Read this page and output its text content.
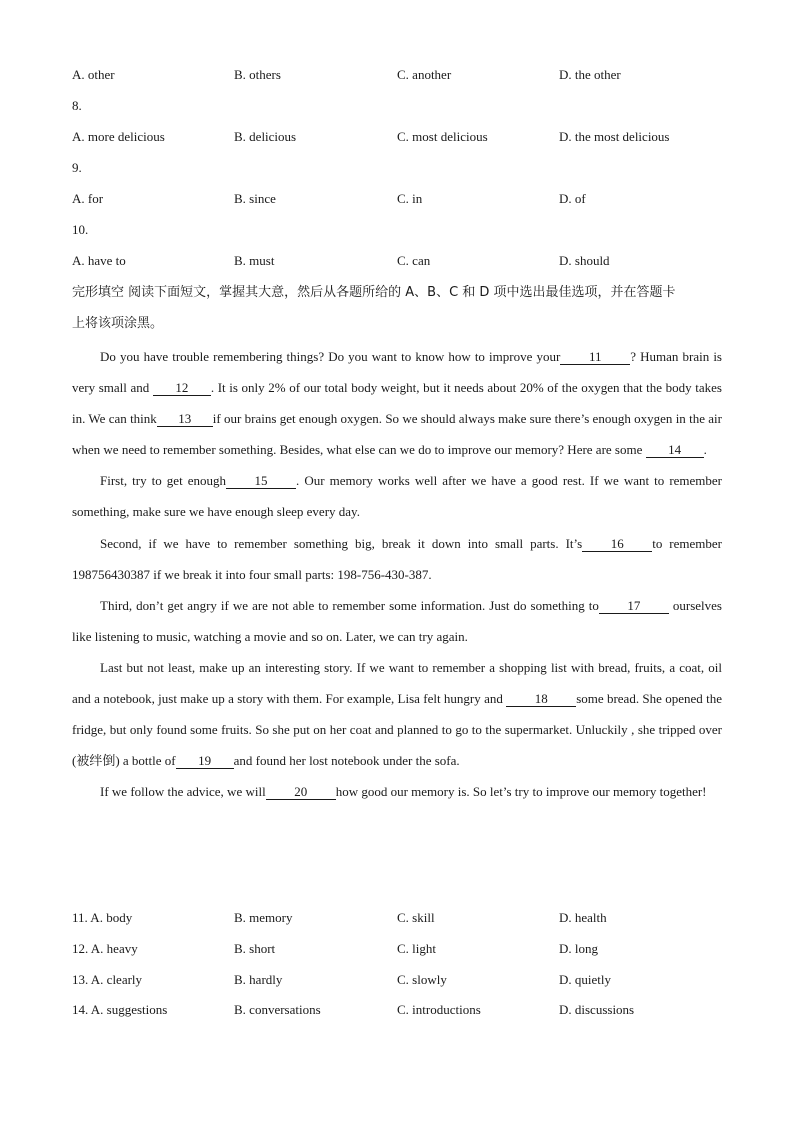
A. other	B. others	C. another	D. the other
8.
A. more delicious	B. delicious	C. most delicious	D. the most delicious
9.
A. for	B. since	C. in	D. of
10.
A. have to	B. must	C. can	D. should
完形填空 阅读下面短文，掌握其大意，然后从各题所给的 A、B、C 和 D 项中选出最佳选项，并在答题卡
上将该项涂黑。

Do you have trouble remembering things? Do you want to know how to improve your 11 ? Human brain is very small and 12 . It is only 2% of our total body weight, but it needs about 20% of the oxygen that the body takes in. We can think 13 if our brains get enough oxygen. So we should always make sure there’s enough oxygen in the air when we need to remember something. Besides, what else can we do to improve our memory? Here are some 14 .

First, try to get enough 15 . Our memory works well after we have a good rest. If we want to remember something, make sure we have enough sleep every day.

Second, if we have to remember something big, break it down into small parts. It’s 16 to remember 198756430387 if we break it into four small parts: 198-756-430-387.

Third, don’t get angry if we are not able to remember some information. Just do something to 17 ourselves like listening to music, watching a movie and so on. Later, we can try again.

Last but not least, make up an interesting story. If we want to remember a shopping list with bread, fruits, a coat, oil and a notebook, just make up a story with them. For example, Lisa felt hungry and 18 some bread. She opened the fridge, but only found some fruits. So she put on her coat and planned to go to the supermarket. Unluckily , she tripped over (被绊倒) a bottle of 19 and found her lost notebook under the sofa.

If we follow the advice, we will 20 how good our memory is. So let’s try to improve our memory together!

11. A. body	B. memory	C. skill	D. health
12. A. heavy	B. short	C. light	D. long
13. A. clearly	B. hardly	C. slowly	D. quietly
14. A. suggestions	B. conversations	C. introductions	D. discussions
